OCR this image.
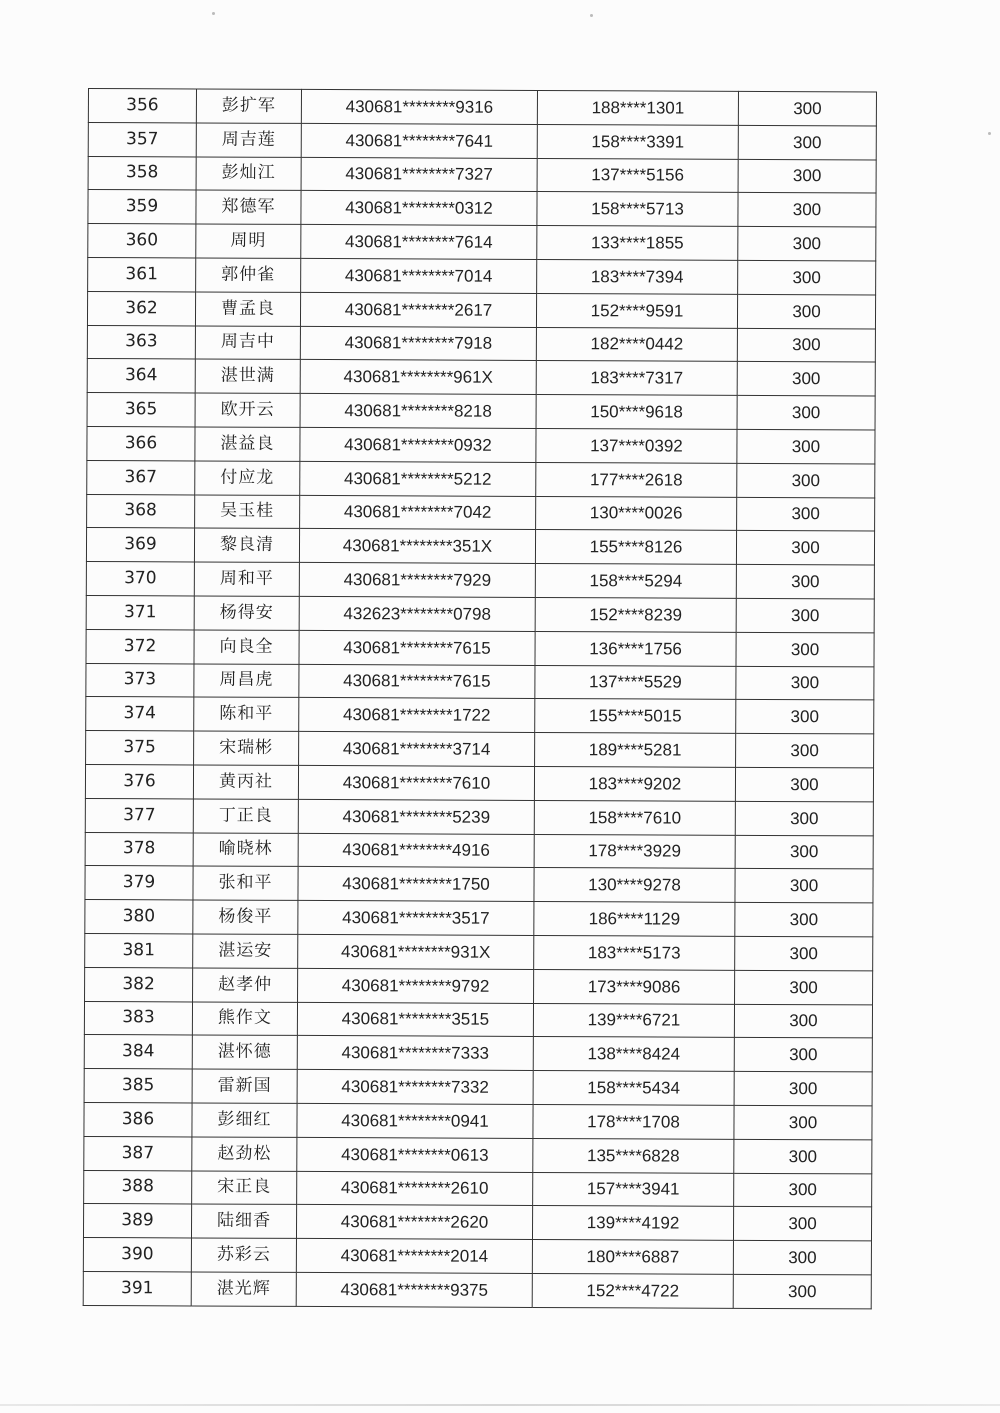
356	彭扩军	430681********9316	188****1301	300
357	周吉莲	430681********7641	158****3391	300
358	彭灿江	430681********7327	137****5156	300
359	郑德军	430681********0312	158****5713	300
360	周明	430681********7614	133****1855	300
361	郭仲雀	430681********7014	183****7394	300
362	曹孟良	430681********2617	152****9591	300
363	周吉中	430681********7918	182****0442	300
364	湛世满	430681********961X	183****7317	300
365	欧开云	430681********8218	150****9618	300
366	湛益良	430681********0932	137****0392	300
367	付应龙	430681********5212	177****2618	300
368	吴玉桂	430681********7042	130****0026	300
369	黎良清	430681********351X	155****8126	300
370	周和平	430681********7929	158****5294	300
371	杨得安	432623********0798	152****8239	300
372	向良全	430681********7615	136****1756	300
373	周昌虎	430681********7615	137****5529	300
374	陈和平	430681********1722	155****5015	300
375	宋瑞彬	430681********3714	189****5281	300
376	黄丙社	430681********7610	183****9202	300
377	丁正良	430681********5239	158****7610	300
378	喻晓林	430681********4916	178****3929	300
379	张和平	430681********1750	130****9278	300
380	杨俊平	430681********3517	186****1129	300
381	湛运安	430681********931X	183****5173	300
382	赵孝仲	430681********9792	173****9086	300
383	熊作文	430681********3515	139****6721	300
384	湛怀德	430681********7333	138****8424	300
385	雷新国	430681********7332	158****5434	300
386	彭细红	430681********0941	178****1708	300
387	赵劲松	430681********0613	135****6828	300
388	宋正良	430681********2610	157****3941	300
389	陆细香	430681********2620	139****4192	300
390	苏彩云	430681********2014	180****6887	300
391	湛光辉	430681********9375	152****4722	300
